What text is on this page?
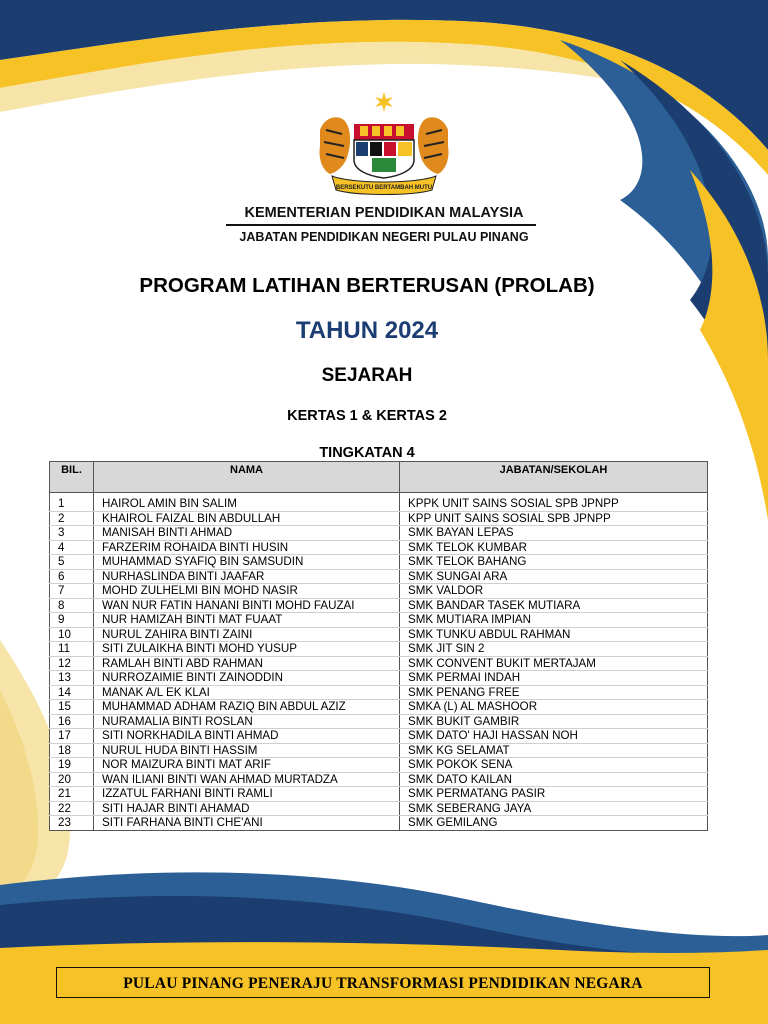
BERSEKUTU BERTAMBAH MUTU
KEMENTERIAN PENDIDIKAN MALAYSIA
JABATAN PENDIDIKAN NEGERI PULAU PINANG
PROGRAM LATIHAN BERTERUSAN (PROLAB)
TAHUN 2024
SEJARAH
KERTAS 1 & KERTAS 2
TINGKATAN 4
BIL.	NAMA	JABATAN/SEKOLAH

1	HAIROL AMIN BIN SALIM	KPPK UNIT SAINS SOSIAL SPB JPNPP
2	KHAIROL FAIZAL BIN ABDULLAH	KPP UNIT SAINS SOSIAL SPB JPNPP
3	MANISAH BINTI AHMAD	SMK BAYAN LEPAS
4	FARZERIM ROHAIDA BINTI HUSIN	SMK TELOK KUMBAR
5	MUHAMMAD SYAFIQ BIN SAMSUDIN	SMK TELOK BAHANG
6	NURHASLINDA BINTI JAAFAR	SMK SUNGAI ARA
7	MOHD ZULHELMI BIN MOHD NASIR	SMK VALDOR
8	WAN NUR FATIN HANANI BINTI MOHD FAUZAI	SMK BANDAR TASEK MUTIARA
9	NUR HAMIZAH BINTI MAT FUAAT	SMK MUTIARA IMPIAN
10	NURUL ZAHIRA BINTI ZAINI	SMK TUNKU ABDUL RAHMAN
11	SITI ZULAIKHA BINTI MOHD YUSUP	SMK JIT SIN 2
12	RAMLAH BINTI ABD RAHMAN	SMK CONVENT BUKIT MERTAJAM
13	NURROZAIMIE BINTI ZAINODDIN	SMK PERMAI INDAH
14	MANAK A/L EK KLAI	SMK PENANG FREE
15	MUHAMMAD ADHAM RAZIQ BIN ABDUL AZIZ	SMKA (L) AL MASHOOR
16	NURAMALIA BINTI ROSLAN	SMK BUKIT GAMBIR
17	SITI NORKHADILA BINTI AHMAD	SMK DATO' HAJI HASSAN NOH
18	NURUL HUDA BINTI HASSIM	SMK KG SELAMAT
19	NOR MAIZURA BINTI MAT ARIF	SMK POKOK SENA
20	WAN ILIANI BINTI WAN AHMAD MURTADZA	SMK DATO KAILAN
21	IZZATUL FARHANI BINTI RAMLI	SMK PERMATANG PASIR
22	SITI HAJAR BINTI AHAMAD	SMK SEBERANG JAYA
23	SITI FARHANA BINTI CHE'ANI	SMK GEMILANG
PULAU PINANG PENERAJU TRANSFORMASI PENDIDIKAN NEGARA
